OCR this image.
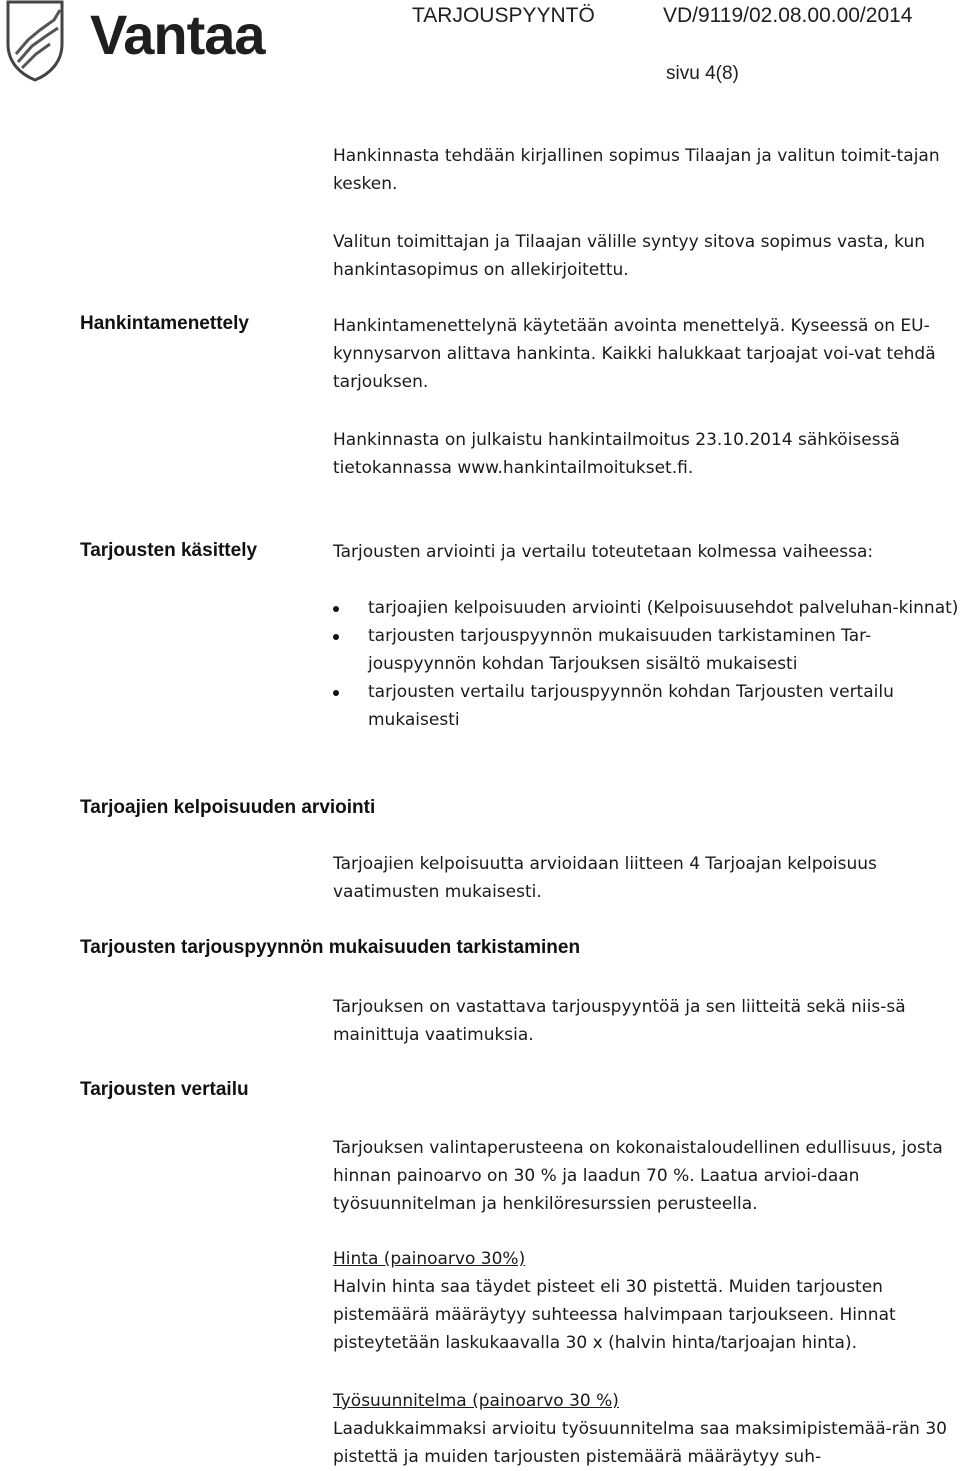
Vantaa	TARJOUSPYYNTÖ	VD/9119/02.08.00.00/2014
sivu 4(8)

Hankinnasta tehdään kirjallinen sopimus Tilaajan ja valitun toimit-tajan kesken.

Valitun toimittajan ja Tilaajan välille syntyy sitova sopimus vasta, kun hankintasopimus on allekirjoitettu.

Hankintamenettely	Hankintamenettelynä käytetään avointa menettelyä. Kyseessä on EU-kynnysarvon alittava hankinta. Kaikki halukkaat tarjoajat voi-vat tehdä tarjouksen.

Hankinnasta on julkaistu hankintailmoitus 23.10.2014 sähköisessä tietokannassa www.hankintailmoitukset.fi.

Tarjousten käsittely	Tarjousten arviointi ja vertailu toteutetaan kolmessa vaiheessa:
tarjoajien kelpoisuuden arviointi (Kelpoisuusehdot palveluhan-kinnat)
tarjousten tarjouspyynnön mukaisuuden tarkistaminen Tar-jouspyynnön kohdan Tarjouksen sisältö mukaisesti
tarjousten vertailu tarjouspyynnön kohdan Tarjousten vertailu mukaisesti
Tarjoajien kelpoisuuden arviointi
Tarjoajien kelpoisuutta arvioidaan liitteen 4 Tarjoajan kelpoisuus vaatimusten mukaisesti.
Tarjousten tarjouspyynnön mukaisuuden tarkistaminen
Tarjouksen on vastattava tarjouspyyntöä ja sen liitteitä sekä niis-sä mainittuja vaatimuksia.
Tarjousten vertailu
Tarjouksen valintaperusteena on kokonaistaloudellinen edullisuus, josta hinnan painoarvo on 30 % ja laadun 70 %. Laatua arvioi-daan työsuunnitelman ja henkilöresurssien perusteella.

Hinta (painoarvo 30%)

Halvin hinta saa täydet pisteet eli 30 pistettä. Muiden tarjousten pistemäärä määräytyy suhteessa halvimpaan tarjoukseen. Hinnat pisteytetään laskukaavalla 30 x (halvin hinta/tarjoajan hinta).

Työsuunnitelma (painoarvo 30 %)

Laadukkaimmaksi arvioitu työsuunnitelma saa maksimipistemää-rän 30 pistettä ja muiden tarjousten pistemäärä määräytyy suh-
